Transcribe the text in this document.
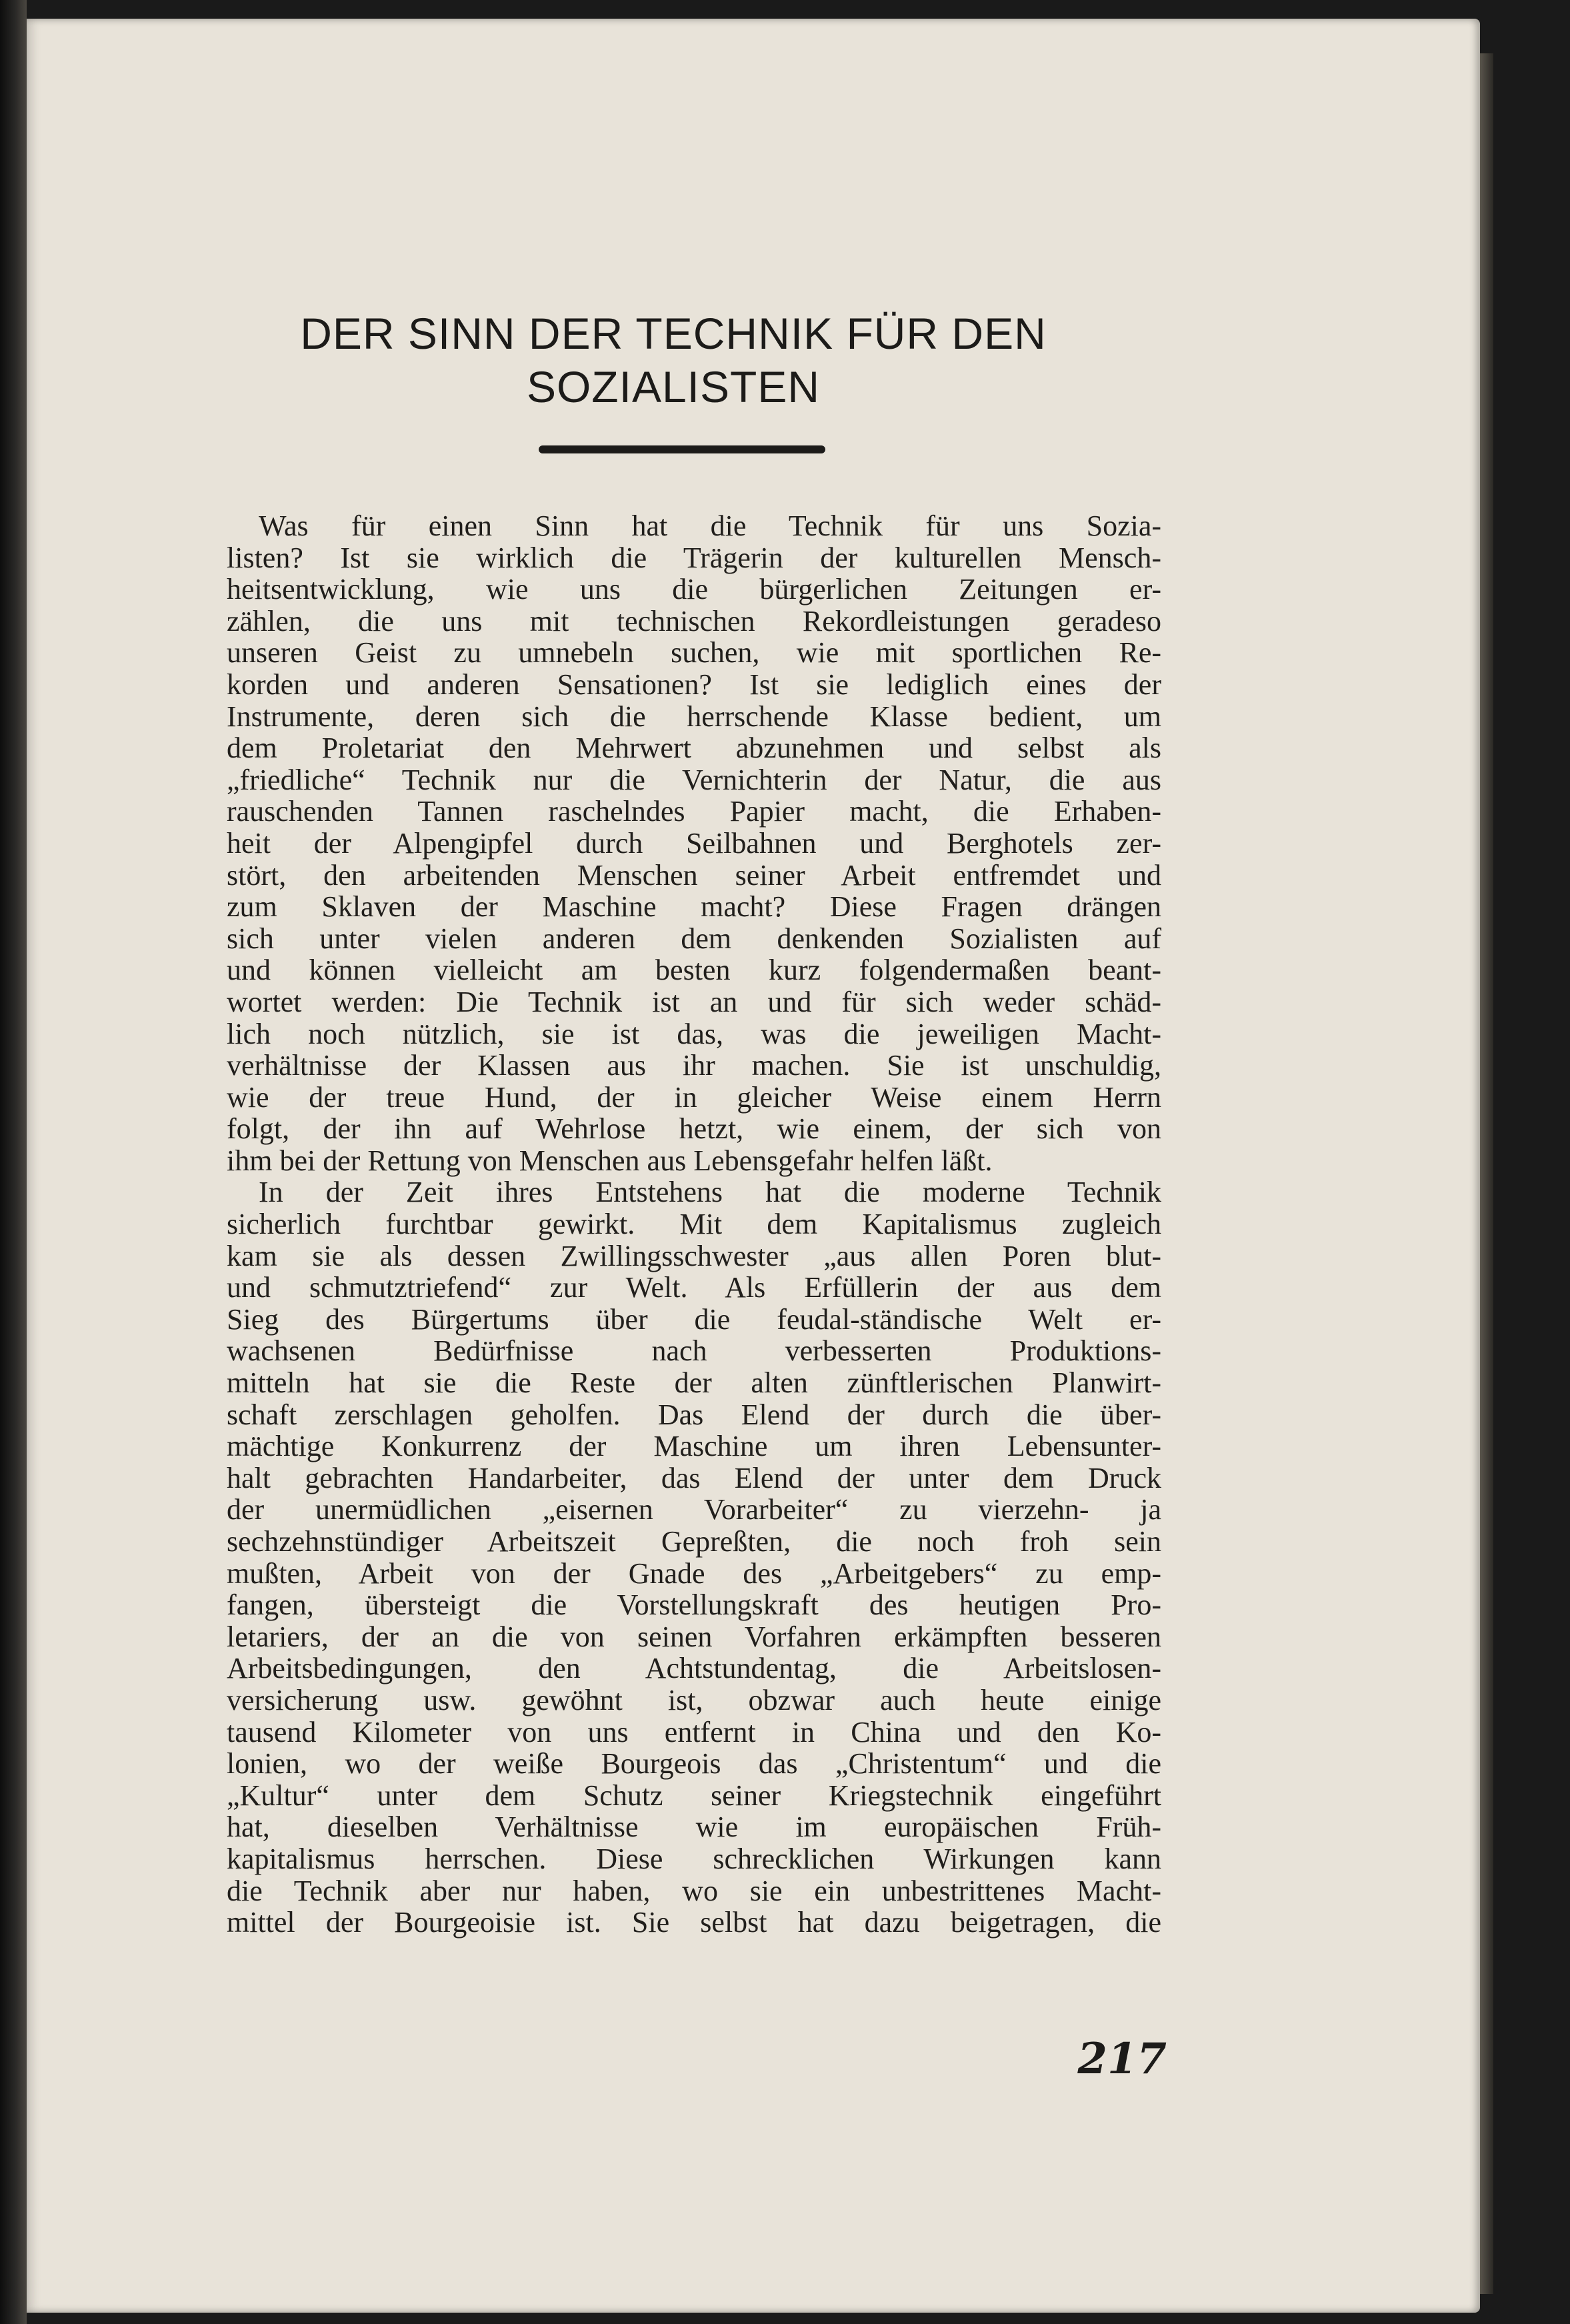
DER SINN DER TECHNIK FÜR DEN
SOZIALISTEN
Was für einen Sinn hat die Technik für uns Sozia-
listen? Ist sie wirklich die Trägerin der kulturellen Mensch-
heitsentwicklung, wie uns die bürgerlichen Zeitungen er-
zählen, die uns mit technischen Rekordleistungen geradeso
unseren Geist zu umnebeln suchen, wie mit sportlichen Re-
korden und anderen Sensationen? Ist sie lediglich eines der
Instrumente, deren sich die herrschende Klasse bedient, um
dem Proletariat den Mehrwert abzunehmen und selbst als
„friedliche“ Technik nur die Vernichterin der Natur, die aus
rauschenden Tannen raschelndes Papier macht, die Erhaben-
heit der Alpengipfel durch Seilbahnen und Berghotels zer-
stört, den arbeitenden Menschen seiner Arbeit entfremdet und
zum Sklaven der Maschine macht? Diese Fragen drängen
sich unter vielen anderen dem denkenden Sozialisten auf
und können vielleicht am besten kurz folgendermaßen beant-
wortet werden: Die Technik ist an und für sich weder schäd-
lich noch nützlich, sie ist das, was die jeweiligen Macht-
verhältnisse der Klassen aus ihr machen. Sie ist unschuldig,
wie der treue Hund, der in gleicher Weise einem Herrn
folgt, der ihn auf Wehrlose hetzt, wie einem, der sich von
ihm bei der Rettung von Menschen aus Lebensgefahr helfen läßt.
In der Zeit ihres Entstehens hat die moderne Technik
sicherlich furchtbar gewirkt. Mit dem Kapitalismus zugleich
kam sie als dessen Zwillingsschwester „aus allen Poren blut-
und schmutztriefend“ zur Welt. Als Erfüllerin der aus dem
Sieg des Bürgertums über die feudal-ständische Welt er-
wachsenen Bedürfnisse nach verbesserten Produktions-
mitteln hat sie die Reste der alten zünftlerischen Planwirt-
schaft zerschlagen geholfen. Das Elend der durch die über-
mächtige Konkurrenz der Maschine um ihren Lebensunter-
halt gebrachten Handarbeiter, das Elend der unter dem Druck
der unermüdlichen „eisernen Vorarbeiter“ zu vierzehn- ja
sechzehnstündiger Arbeitszeit Gepreßten, die noch froh sein
mußten, Arbeit von der Gnade des „Arbeitgebers“ zu emp-
fangen, übersteigt die Vorstellungskraft des heutigen Pro-
letariers, der an die von seinen Vorfahren erkämpften besseren
Arbeitsbedingungen, den Achtstundentag, die Arbeitslosen-
versicherung usw. gewöhnt ist, obzwar auch heute einige
tausend Kilometer von uns entfernt in China und den Ko-
lonien, wo der weiße Bourgeois das „Christentum“ und die
„Kultur“ unter dem Schutz seiner Kriegstechnik eingeführt
hat, dieselben Verhältnisse wie im europäischen Früh-
kapitalismus herrschen. Diese schrecklichen Wirkungen kann
die Technik aber nur haben, wo sie ein unbestrittenes Macht-
mittel der Bourgeoisie ist. Sie selbst hat dazu beigetragen, die
217
